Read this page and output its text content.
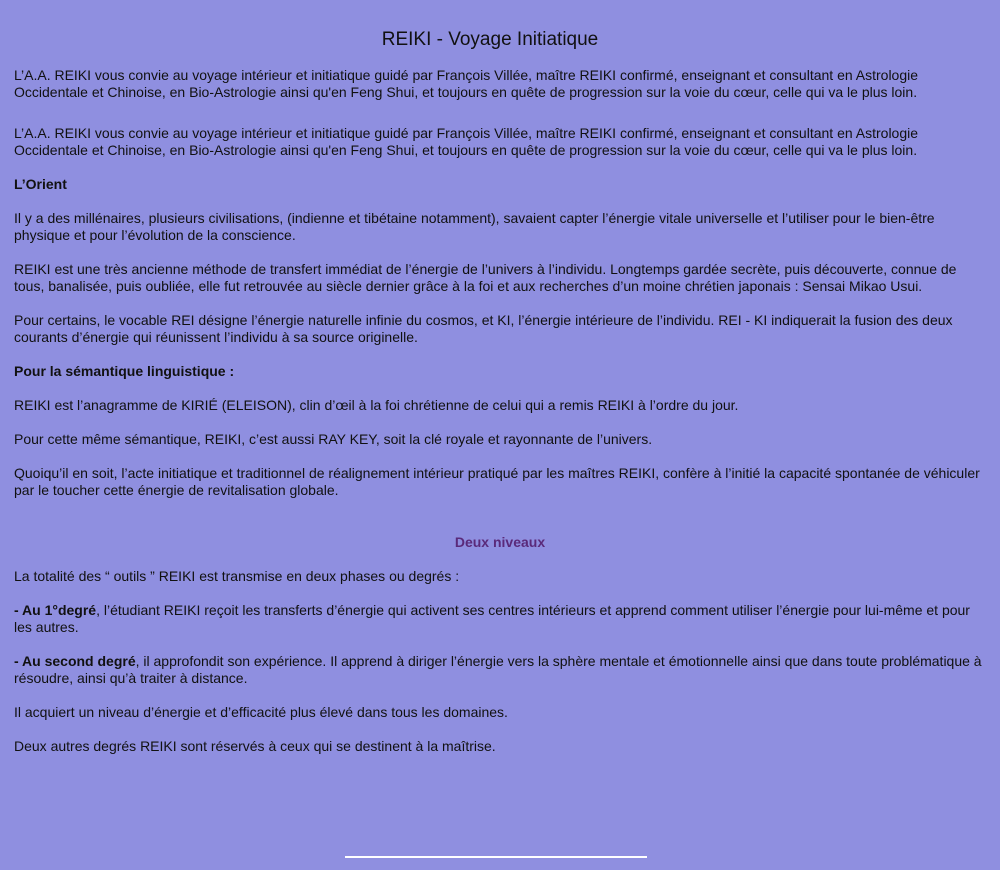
REIKI - Voyage Initiatique

L’A.A. REIKI vous convie au voyage intérieur et initiatique guidé par François Villée, maître REIKI confirmé, enseignant et consultant en Astrologie Occidentale et Chinoise, en Bio-Astrologie ainsi qu'en Feng Shui, et toujours en quête de progression sur la voie du cœur, celle qui va le plus loin.

L’A.A. REIKI vous convie au voyage intérieur et initiatique guidé par François Villée, maître REIKI confirmé, enseignant et consultant en Astrologie Occidentale et Chinoise, en Bio-Astrologie ainsi qu'en Feng Shui, et toujours en quête de progression sur la voie du cœur, celle qui va le plus loin.

L’Orient

Il y a des millénaires, plusieurs civilisations, (indienne et tibétaine notamment), savaient capter l’énergie vitale universelle et l’utiliser pour le bien-être physique et pour l’évolution de la conscience.

REIKI est une très ancienne méthode de transfert immédiat de l’énergie de l’univers à l’individu. Longtemps gardée secrète, puis découverte, connue de tous, banalisée, puis oubliée, elle fut retrouvée au siècle dernier grâce à la foi et aux recherches d’un moine chrétien japonais : Sensai Mikao Usui.

Pour certains, le vocable REI désigne l’énergie naturelle infinie du cosmos, et KI, l’énergie intérieure de l’individu. REI - KI indiquerait la fusion des deux courants d’énergie qui réunissent l’individu à sa source originelle.

Pour la sémantique linguistique :

REIKI est l’anagramme de KIRIÉ (ELEISON), clin d’œil à la foi chrétienne de celui qui a remis REIKI à l’ordre du jour.

Pour cette même sémantique, REIKI, c’est aussi RAY KEY, soit la clé royale et rayonnante de l’univers.

Quoiqu’il en soit, l’acte initiatique et traditionnel de réalignement intérieur pratiqué par les maîtres REIKI, confère à l’initié la capacité spontanée de véhiculer par le toucher cette énergie de revitalisation globale.

Deux niveaux

La totalité des “ outils ” REIKI est transmise en deux phases ou degrés :

- Au 1°degré, l’étudiant REIKI reçoit les transferts d’énergie qui activent ses centres intérieurs et apprend comment utiliser l’énergie pour lui-même et pour les autres.

- Au second degré, il approfondit son expérience. Il apprend à diriger l’énergie vers la sphère mentale et émotionnelle ainsi que dans toute problématique à résoudre, ainsi qu’à traiter à distance.

Il acquiert un niveau d’énergie et d’efficacité plus élevé dans tous les domaines.

Deux autres degrés REIKI sont réservés à ceux qui se destinent à la maîtrise.
